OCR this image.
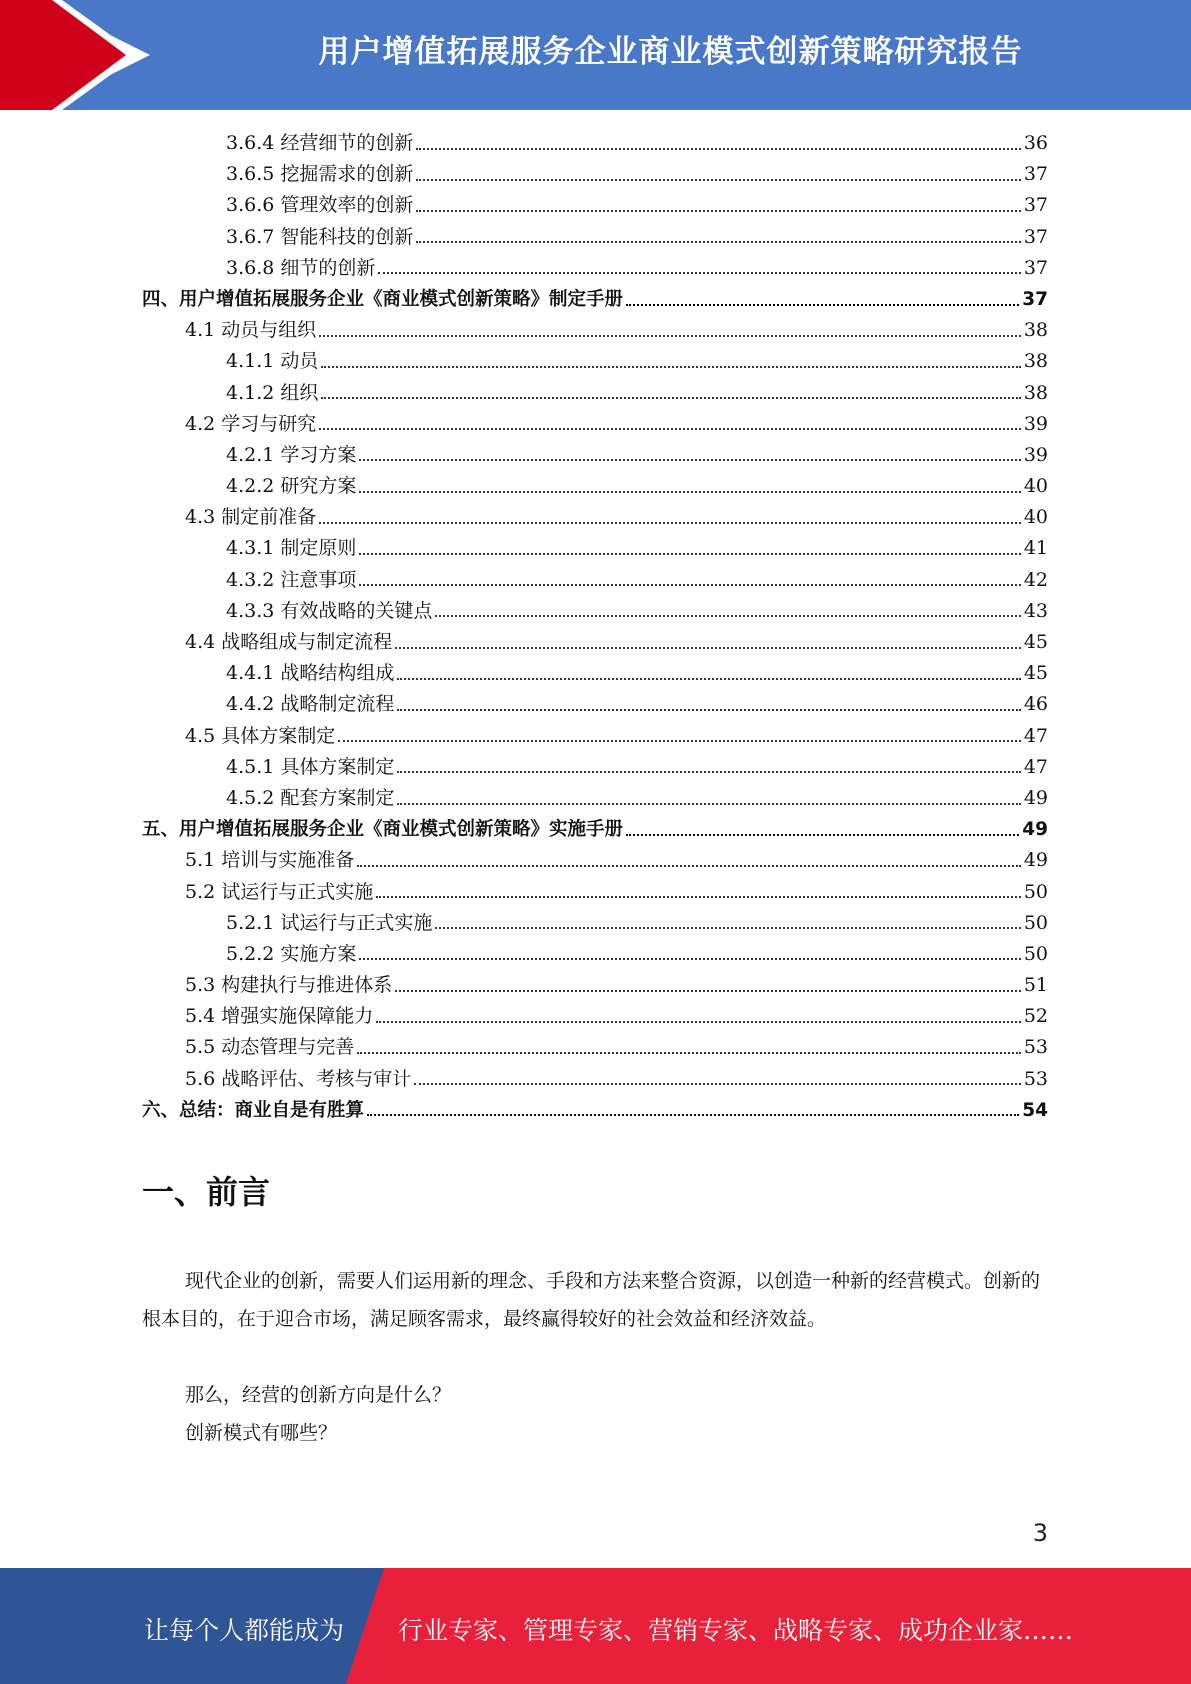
用户增值拓展服务企业商业模式创新策略研究报告
3.6.4 经营细节的创新	36
3.6.5 挖掘需求的创新	37
3.6.6 管理效率的创新	37
3.6.7 智能科技的创新	37
3.6.8 细节的创新	37
四、用户增值拓展服务企业《商业模式创新策略》制定手册	37
4.1 动员与组织	38
4.1.1 动员	38
4.1.2 组织	38
4.2 学习与研究	39
4.2.1 学习方案	39
4.2.2 研究方案	40
4.3 制定前准备	40
4.3.1 制定原则	41
4.3.2 注意事项	42
4.3.3 有效战略的关键点	43
4.4 战略组成与制定流程	45
4.4.1 战略结构组成	45
4.4.2 战略制定流程	46
4.5 具体方案制定	47
4.5.1 具体方案制定	47
4.5.2 配套方案制定	49
五、用户增值拓展服务企业《商业模式创新策略》实施手册	49
5.1 培训与实施准备	49
5.2 试运行与正式实施	50
5.2.1 试运行与正式实施	50
5.2.2 实施方案	50
5.3 构建执行与推进体系	51
5.4 增强实施保障能力	52
5.5 动态管理与完善	53
5.6 战略评估、考核与审计	53
六、总结：商业自是有胜算	54
一、前言
现代企业的创新，需要人们运用新的理念、手段和方法来整合资源，以创造一种新的经营模式。创新的根本目的，在于迎合市场，满足顾客需求，最终赢得较好的社会效益和经济效益。
那么，经营的创新方向是什么？
创新模式有哪些？
3
让每个人都能成为 行业专家、管理专家、营销专家、战略专家、成功企业家……
